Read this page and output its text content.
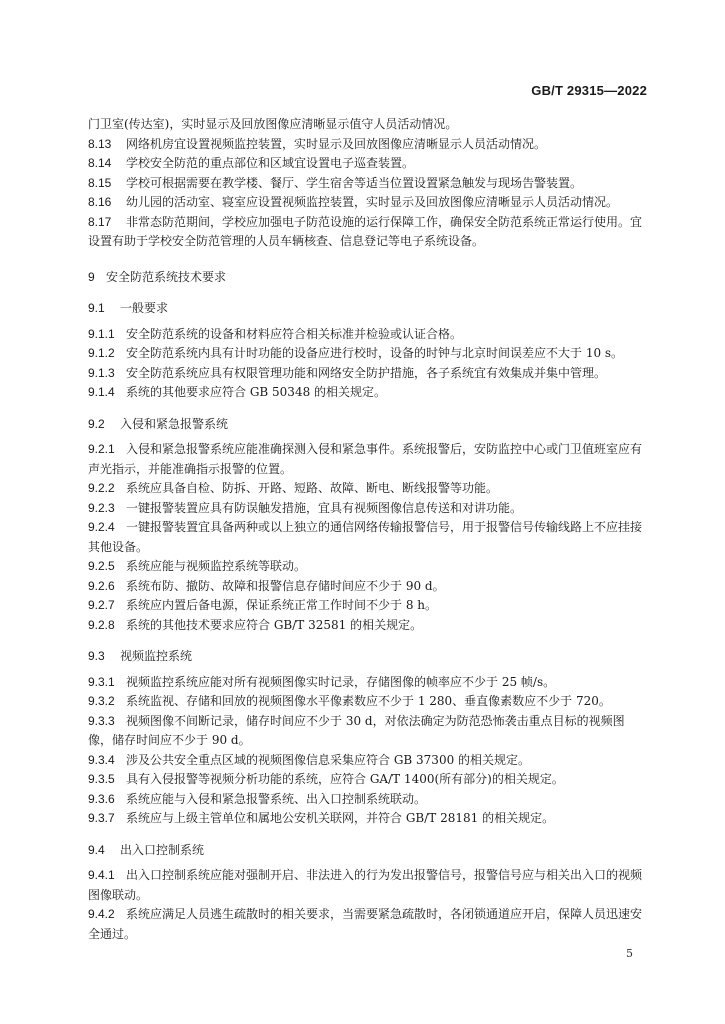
GB/T 29315—2022

门卫室(传达室)，实时显示及回放图像应清晰显示值守人员活动情况。

8.13 网络机房宜设置视频监控装置，实时显示及回放图像应清晰显示人员活动情况。

8.14 学校安全防范的重点部位和区域宜设置电子巡查装置。

8.15 学校可根据需要在教学楼、餐厅、学生宿舍等适当位置设置紧急触发与现场告警装置。

8.16 幼儿园的活动室、寝室应设置视频监控装置，实时显示及回放图像应清晰显示人员活动情况。

8.17 非常态防范期间，学校应加强电子防范设施的运行保障工作，确保安全防范系统正常运行使用。宜设置有助于学校安全防范管理的人员车辆核查、信息登记等电子系统设备。

9 安全防范系统技术要求
9.1 一般要求

9.1.1 安全防范系统的设备和材料应符合相关标准并检验或认证合格。

9.1.2 安全防范系统内具有计时功能的设备应进行校时，设备的时钟与北京时间误差应不大于 10 s。

9.1.3 安全防范系统应具有权限管理功能和网络安全防护措施，各子系统宜有效集成并集中管理。

9.1.4 系统的其他要求应符合 GB 50348 的相关规定。

9.2 入侵和紧急报警系统

9.2.1 入侵和紧急报警系统应能准确探测入侵和紧急事件。系统报警后，安防监控中心或门卫值班室应有声光指示，并能准确指示报警的位置。

9.2.2 系统应具备自检、防拆、开路、短路、故障、断电、断线报警等功能。

9.2.3 一键报警装置应具有防误触发措施，宜具有视频图像信息传送和对讲功能。

9.2.4 一键报警装置宜具备两种或以上独立的通信网络传输报警信号，用于报警信号传输线路上不应挂接其他设备。

9.2.5 系统应能与视频监控系统等联动。

9.2.6 系统布防、撤防、故障和报警信息存储时间应不少于 90 d。

9.2.7 系统应内置后备电源，保证系统正常工作时间不少于 8 h。

9.2.8 系统的其他技术要求应符合 GB/T 32581 的相关规定。

9.3 视频监控系统

9.3.1 视频监控系统应能对所有视频图像实时记录，存储图像的帧率应不少于 25 帧/s。

9.3.2 系统监视、存储和回放的视频图像水平像素数应不少于 1 280、垂直像素数应不少于 720。

9.3.3 视频图像不间断记录，储存时间应不少于 30 d，对依法确定为防范恐怖袭击重点目标的视频图像，储存时间应不少于 90 d。

9.3.4 涉及公共安全重点区域的视频图像信息采集应符合 GB 37300 的相关规定。

9.3.5 具有入侵报警等视频分析功能的系统，应符合 GA/T 1400(所有部分)的相关规定。

9.3.6 系统应能与入侵和紧急报警系统、出入口控制系统联动。

9.3.7 系统应与上级主管单位和属地公安机关联网，并符合 GB/T 28181 的相关规定。

9.4 出入口控制系统

9.4.1 出入口控制系统应能对强制开启、非法进入的行为发出报警信号，报警信号应与相关出入口的视频图像联动。

9.4.2 系统应满足人员逃生疏散时的相关要求，当需要紧急疏散时，各闭锁通道应开启，保障人员迅速安全通过。

5
